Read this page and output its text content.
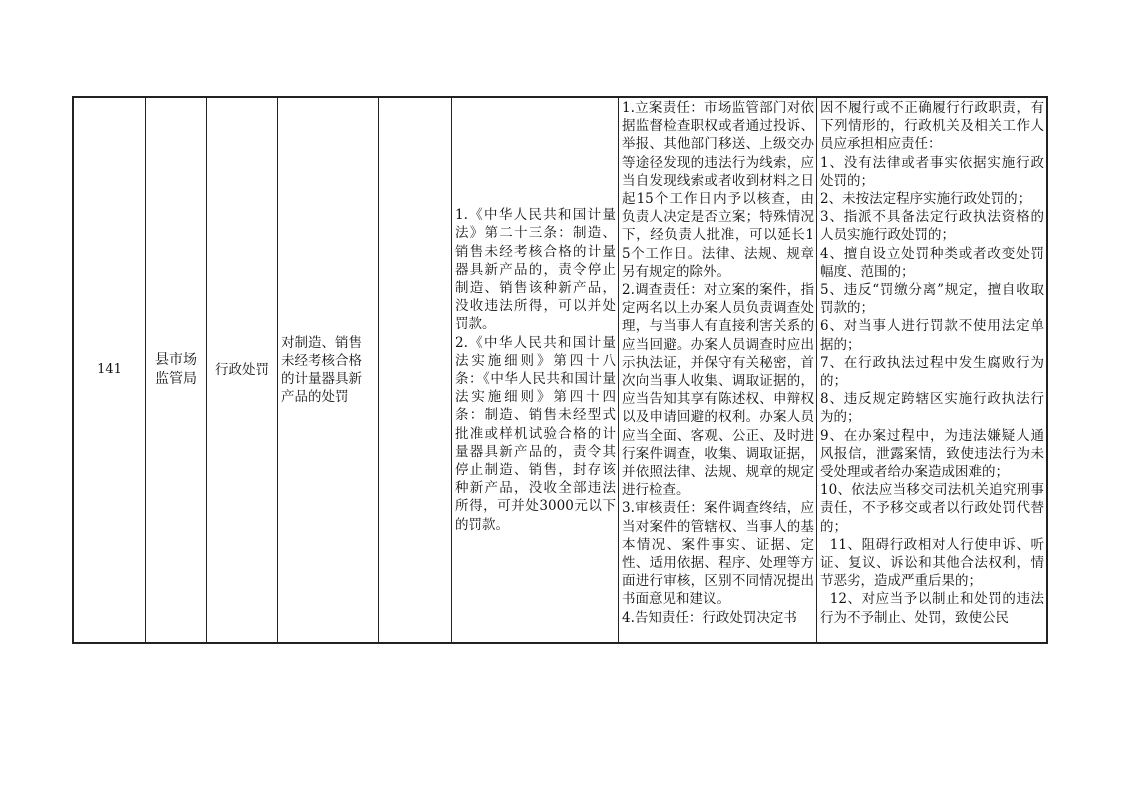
141
县市场
监管局
行政处罚
对制造、销售
未经考核合格
的计量器具新
产品的处罚
1.《中华人民共和国计量法》第二十三条：制造、销售未经考核合格的计量器具新产品的，责令停止制造、销售该种新产品，没收违法所得，可以并处罚款。
2.《中华人民共和国计量法实施细则》第四十八条：《中华人民共和国计量法实施细则》第四十四条：制造、销售未经型式批准或样机试验合格的计量器具新产品的，责令其停止制造、销售，封存该种新产品，没收全部违法所得，可并处3000元以下的罚款。
1.立案责任：市场监管部门对依据监督检查职权或者通过投诉、举报、其他部门移送、上级交办等途径发现的违法行为线索，应当自发现线索或者收到材料之日起15个工作日内予以核查，由负责人决定是否立案；特殊情况下，经负责人批准，可以延长15个工作日。法律、法规、规章另有规定的除外。
2.调查责任：对立案的案件，指定两名以上办案人员负责调查处理，与当事人有直接利害关系的应当回避。办案人员调查时应出示执法证，并保守有关秘密，首次向当事人收集、调取证据的，应当告知其享有陈述权、申辩权以及申请回避的权利。办案人员应当全面、客观、公正、及时进行案件调查，收集、调取证据，并依照法律、法规、规章的规定进行检查。
3.审核责任：案件调查终结，应当对案件的管辖权、当事人的基本情况、案件事实、证据、定性、适用依据、程序、处理等方面进行审核，区别不同情况提出书面意见和建议。
4.告知责任：行政处罚决定书
因不履行或不正确履行行政职责，有下列情形的，行政机关及相关工作人员应承担相应责任：
1、没有法律或者事实依据实施行政处罚的；
2、未按法定程序实施行政处罚的；
3、指派不具备法定行政执法资格的人员实施行政处罚的；
4、擅自设立处罚种类或者改变处罚幅度、范围的；
5、违反“罚缴分离”规定，擅自收取罚款的；
6、对当事人进行罚款不使用法定单据的；
7、在行政执法过程中发生腐败行为的；
8、违反规定跨辖区实施行政执法行为的；
9、在办案过程中，为违法嫌疑人通风报信，泄露案情，致使违法行为未受处理或者给办案造成困难的；
10、依法应当移交司法机关追究刑事责任，不予移交或者以行政处罚代替的；
11、阻碍行政相对人行使申诉、听证、复议、诉讼和其他合法权利，情节恶劣，造成严重后果的；
12、对应当予以制止和处罚的违法行为不予制止、处罚，致使公民
